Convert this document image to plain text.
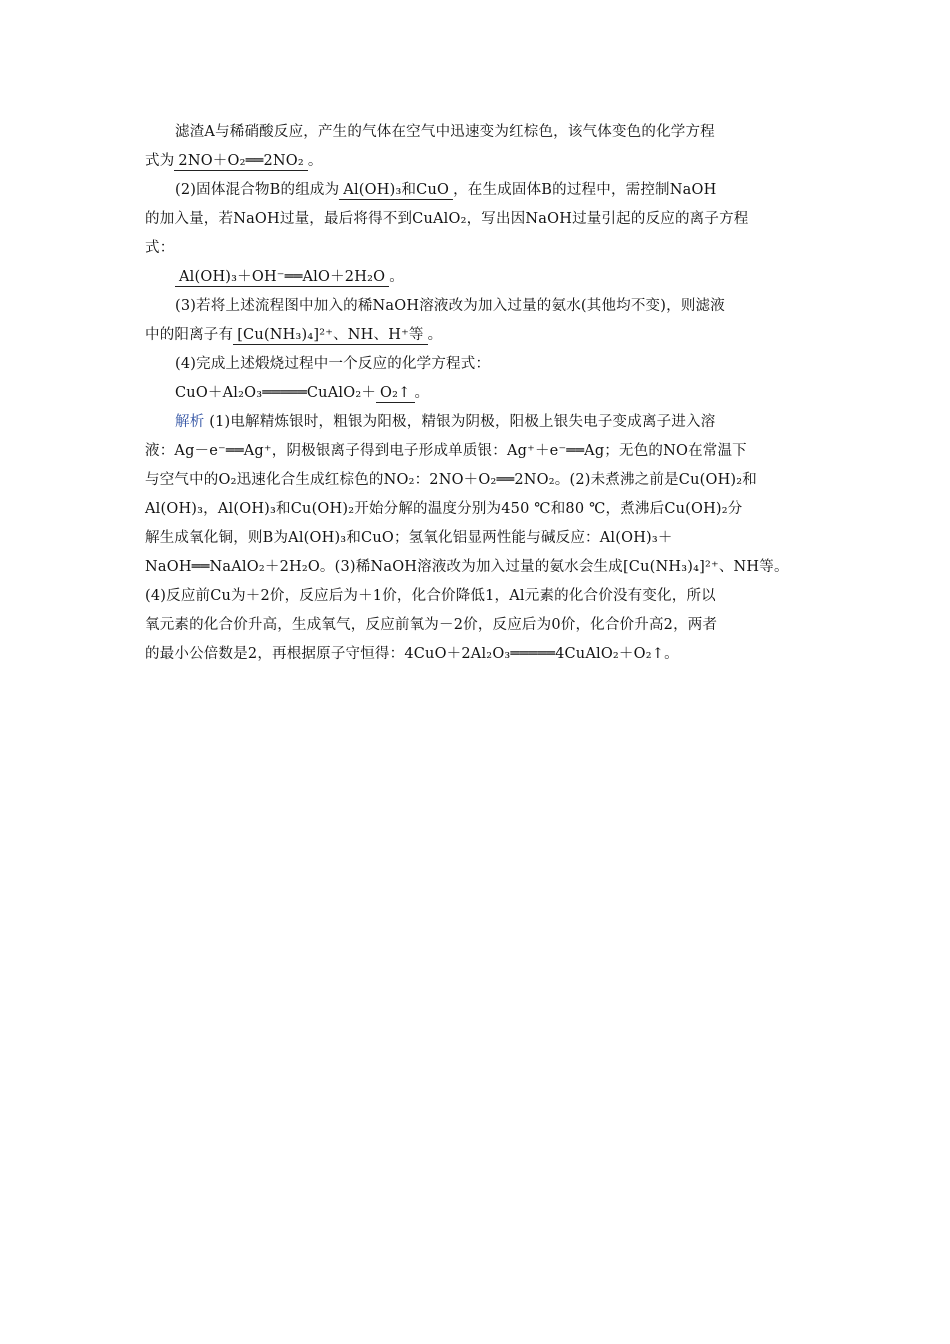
滤渣A与稀硝酸反应，产生的气体在空气中迅速变为红棕色，该气体变色的化学方程
式为 2NO＋O₂══2NO₂ 。
(2)固体混合物B的组成为 Al(OH)₃和CuO ，在生成固体B的过程中，需控制NaOH
的加入量，若NaOH过量，最后将得不到CuAlO₂，写出因NaOH过量引起的反应的离子方程
式：
Al(OH)₃＋OH⁻══AlO＋2H₂O 。
(3)若将上述流程图中加入的稀NaOH溶液改为加入过量的氨水(其他均不变)，则滤液
中的阳离子有 [Cu(NH₃)₄]²⁺、NH、H⁺等 。
(4)完成上述煅烧过程中一个反应的化学方程式：
CuO＋Al₂O₃═════CuAlO₂＋ O₂↑ 。
解析 (1)电解精炼银时，粗银为阳极，精银为阴极，阳极上银失电子变成离子进入溶
液：Ag－e⁻══Ag⁺，阴极银离子得到电子形成单质银：Ag⁺＋e⁻══Ag；无色的NO在常温下
与空气中的O₂迅速化合生成红棕色的NO₂：2NO＋O₂══2NO₂。(2)未煮沸之前是Cu(OH)₂和
Al(OH)₃，Al(OH)₃和Cu(OH)₂开始分解的温度分别为450 ℃和80 ℃，煮沸后Cu(OH)₂分
解生成氧化铜，则B为Al(OH)₃和CuO；氢氧化铝显两性能与碱反应：Al(OH)₃＋
NaOH══NaAlO₂＋2H₂O。(3)稀NaOH溶液改为加入过量的氨水会生成[Cu(NH₃)₄]²⁺、NH等。
(4)反应前Cu为＋2价，反应后为＋1价，化合价降低1，Al元素的化合价没有变化，所以
氧元素的化合价升高，生成氧气，反应前氧为－2价，反应后为0价，化合价升高2，两者
的最小公倍数是2，再根据原子守恒得：4CuO＋2Al₂O₃═════4CuAlO₂＋O₂↑。
